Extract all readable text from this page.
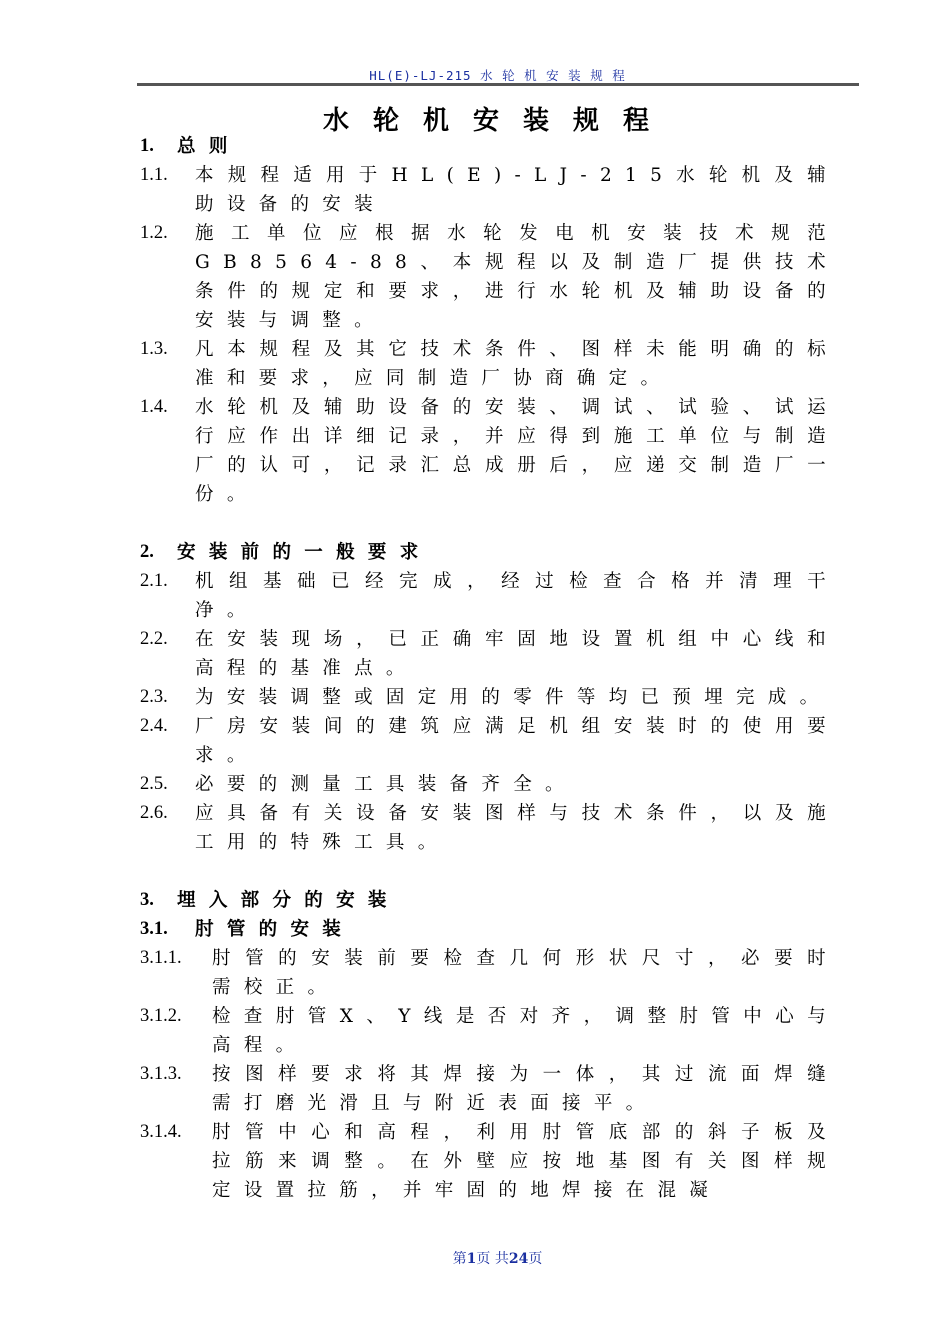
HL(E)-LJ-215 水 轮 机 安 装 规 程
水轮机安装规程
1.	总则
1.1.	本规程适用于HL(E)-LJ-215水轮机及辅助设备的安装
1.2.	施工单位应根据水轮发电机安装技术规范GB8564-88、本规程以及制造厂提供技术条件的规定和要求，进行水轮机及辅助设备的安装与调整。
1.3.	凡本规程及其它技术条件、图样未能明确的标准和要求，应同制造厂协商确定。
1.4.	水轮机及辅助设备的安装、调试、试验、试运行应作出详细记录，并应得到施工单位与制造厂的认可，记录汇总成册后，应递交制造厂一份。
2.	安装前的一般要求
2.1.	机组基础已经完成，经过检查合格并清理干净。
2.2.	在安装现场，已正确牢固地设置机组中心线和高程的基准点。
2.3.	为安装调整或固定用的零件等均已预埋完成。
2.4.	厂房安装间的建筑应满足机组安装时的使用要求。
2.5.	必要的测量工具装备齐全。
2.6.	应具备有关设备安装图样与技术条件，以及施工用的特殊工具。
3.	埋入部分的安装
3.1.	肘管的安装
3.1.1.	肘管的安装前要检查几何形状尺寸，必要时需校正。
3.1.2.	检查肘管X、Y线是否对齐，调整肘管中心与高程。
3.1.3.	按图样要求将其焊接为一体，其过流面焊缝需打磨光滑且与附近表面接平。
3.1.4.	肘管中心和高程，利用肘管底部的斜子板及拉筋来调整。在外壁应按地基图有关图样规定设置拉筋，并牢固的地焊接在混凝
第1页 共24页
